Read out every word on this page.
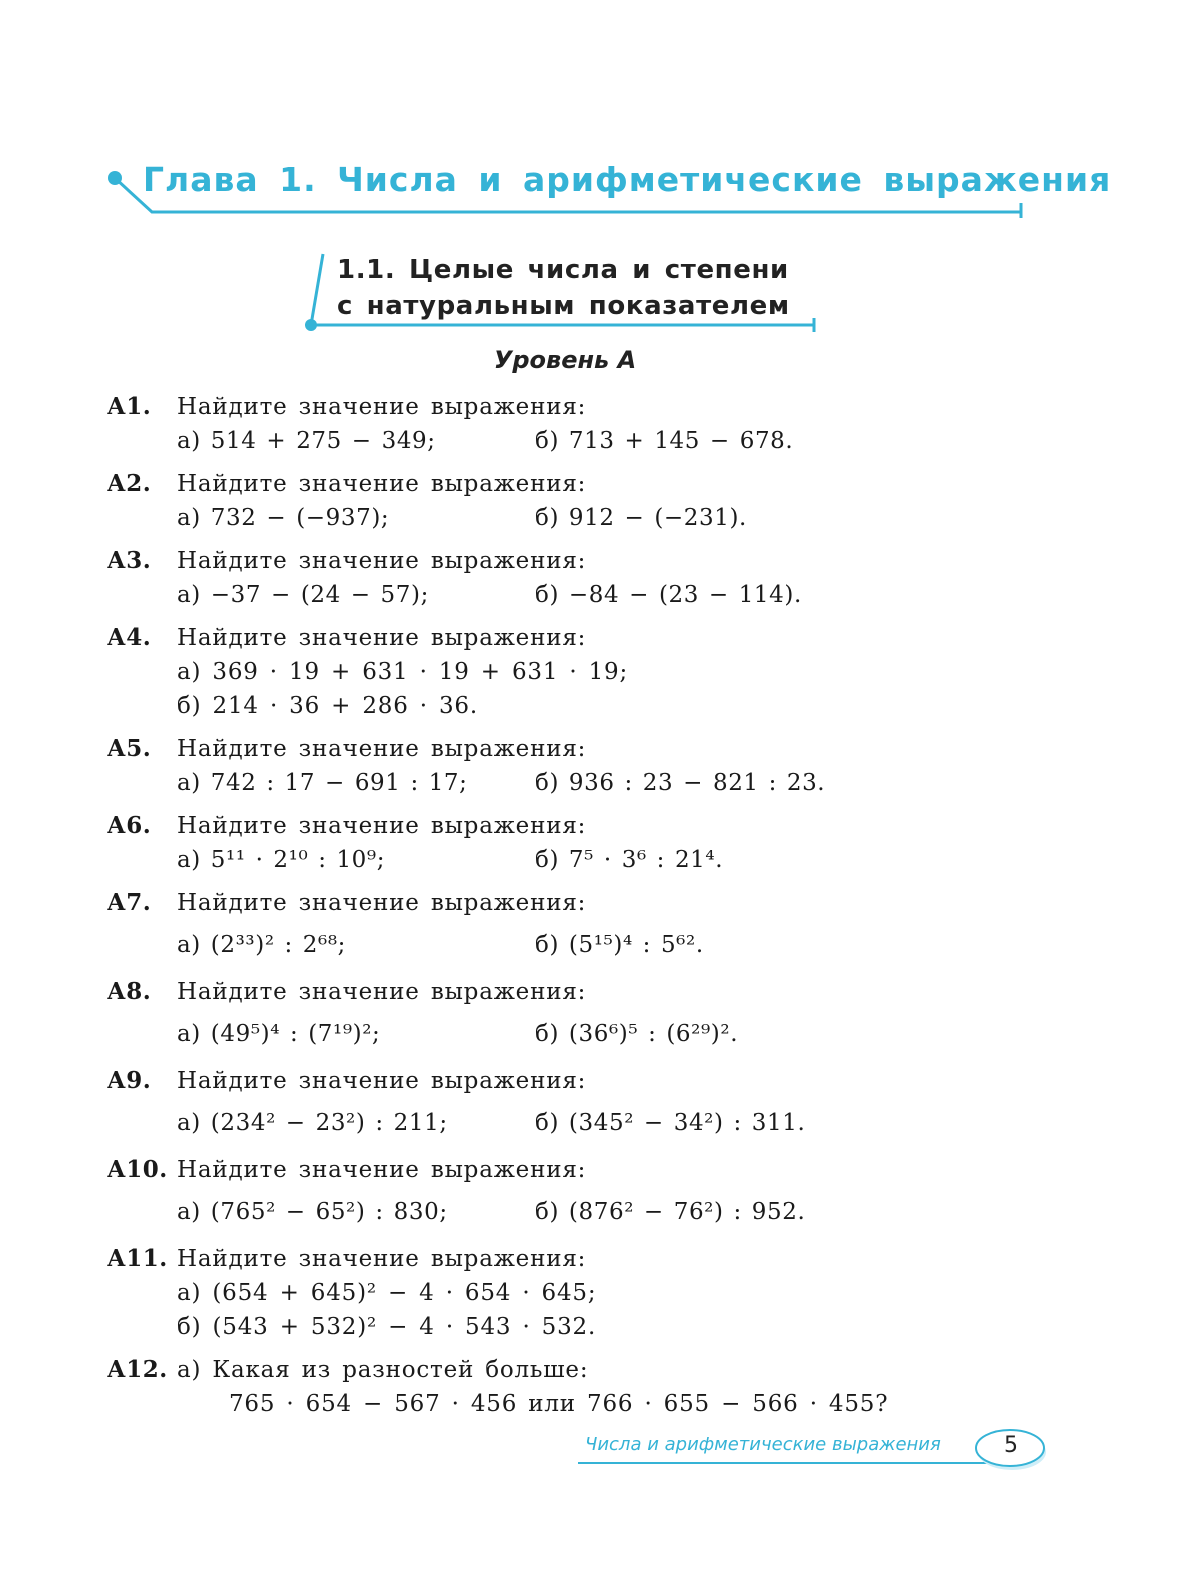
Глава 1. Числа и арифметические выражения
1.1. Целые числа и степени
с натуральным показателем
Уровень А
А1. Найдите значение выражения:
а) 514 + 275 − 349;	б) 713 + 145 − 678.
А2. Найдите значение выражения:
а) 732 − (−937);	б) 912 − (−231).
А3. Найдите значение выражения:
а) −37 − (24 − 57);	б) −84 − (23 − 114).
А4. Найдите значение выражения:
а) 369 · 19 + 631 · 19 + 631 · 19;
б) 214 · 36 + 286 · 36.
А5. Найдите значение выражения:
а) 742 : 17 − 691 : 17;	б) 936 : 23 − 821 : 23.
А6. Найдите значение выражения:
а) 5¹¹ · 2¹⁰ : 10⁹;	б) 7⁵ · 3⁶ : 21⁴.
А7. Найдите значение выражения:
а) (2³³)² : 2⁶⁸;	б) (5¹⁵)⁴ : 5⁶².
А8. Найдите значение выражения:
а) (49⁵)⁴ : (7¹⁹)²;	б) (36⁶)⁵ : (6²⁹)².
А9. Найдите значение выражения:
а) (234² − 23²) : 211;	б) (345² − 34²) : 311.
А10. Найдите значение выражения:
а) (765² − 65²) : 830;	б) (876² − 76²) : 952.
А11. Найдите значение выражения:
а) (654 + 645)² − 4 · 654 · 645;
б) (543 + 532)² − 4 · 543 · 532.
А12. а) Какая из разностей больше:
765 · 654 − 567 · 456 или 766 · 655 − 566 · 455?
Числа и арифметические выражения	5
